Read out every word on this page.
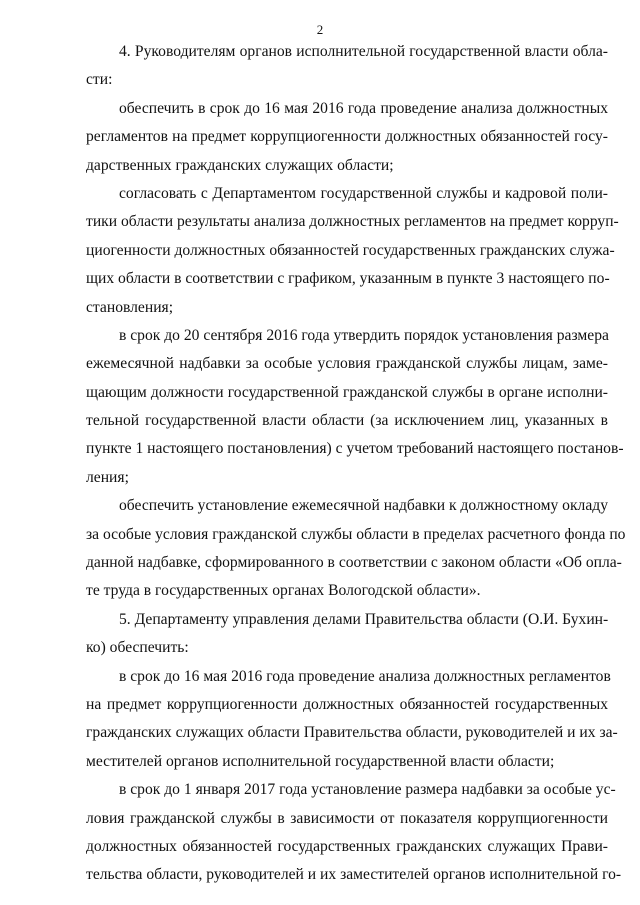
2
4. Руководителям органов исполнительной государственной власти обла-
сти:
обеспечить в срок до 16 мая 2016 года проведение анализа должностных
регламентов на предмет коррупциогенности должностных обязанностей госу-
дарственных гражданских служащих области;
согласовать с Департаментом государственной службы и кадровой поли-
тики области результаты анализа должностных регламентов на предмет корруп-
циогенности должностных обязанностей государственных гражданских служа-
щих области в соответствии с графиком, указанным в пункте 3 настоящего по-
становления;
в срок до 20 сентября 2016 года утвердить порядок установления размера
ежемесячной надбавки за особые условия гражданской службы лицам, заме-
щающим должности государственной гражданской службы в органе исполни-
тельной государственной власти области (за исключением лиц, указанных в
пункте 1 настоящего постановления) с учетом требований настоящего постанов-
ления;
обеспечить установление ежемесячной надбавки к должностному окладу
за особые условия гражданской службы области в пределах расчетного фонда по
данной надбавке, сформированного в соответствии с законом области «Об опла-
те труда в государственных органах Вологодской области».
5. Департаменту управления делами Правительства области (О.И. Бухин-
ко) обеспечить:
в срок до 16 мая 2016 года проведение анализа должностных регламентов
на предмет коррупциогенности должностных обязанностей государственных
гражданских служащих области Правительства области, руководителей и их за-
местителей органов исполнительной государственной власти области;
в срок до 1 января 2017 года установление размера надбавки за особые ус-
ловия гражданской службы в зависимости от показателя коррупциогенности
должностных обязанностей государственных гражданских служащих Прави-
тельства области, руководителей и их заместителей органов исполнительной го-
